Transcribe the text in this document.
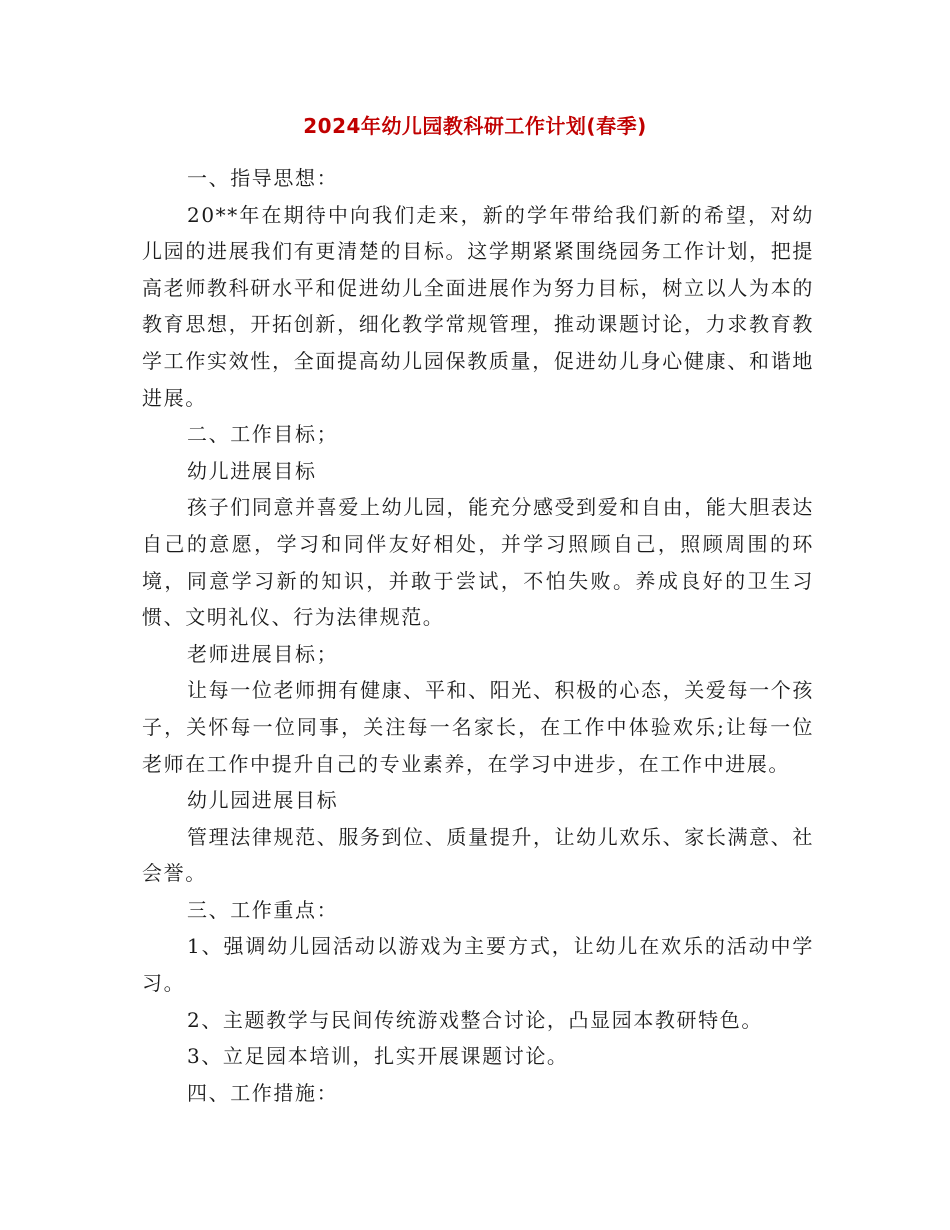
2024年幼儿园教科研工作计划(春季)

一、指导思想：

20**年在期待中向我们走来，新的学年带给我们新的希望，对幼儿园的进展我们有更清楚的目标。这学期紧紧围绕园务工作计划，把提高老师教科研水平和促进幼儿全面进展作为努力目标，树立以人为本的教育思想，开拓创新，细化教学常规管理，推动课题讨论，力求教育教学工作实效性，全面提高幼儿园保教质量，促进幼儿身心健康、和谐地进展。

二、工作目标；

幼儿进展目标

孩子们同意并喜爱上幼儿园，能充分感受到爱和自由，能大胆表达自己的意愿，学习和同伴友好相处，并学习照顾自己，照顾周围的环境，同意学习新的知识，并敢于尝试，不怕失败。养成良好的卫生习惯、文明礼仪、行为法律规范。

老师进展目标；

让每一位老师拥有健康、平和、阳光、积极的心态，关爱每一个孩子，关怀每一位同事，关注每一名家长，在工作中体验欢乐;让每一位老师在工作中提升自己的专业素养，在学习中进步，在工作中进展。

幼儿园进展目标

管理法律规范、服务到位、质量提升，让幼儿欢乐、家长满意、社会誉。

三、工作重点：

1、强调幼儿园活动以游戏为主要方式，让幼儿在欢乐的活动中学习。

2、主题教学与民间传统游戏整合讨论，凸显园本教研特色。

3、立足园本培训，扎实开展课题讨论。

四、工作措施：
